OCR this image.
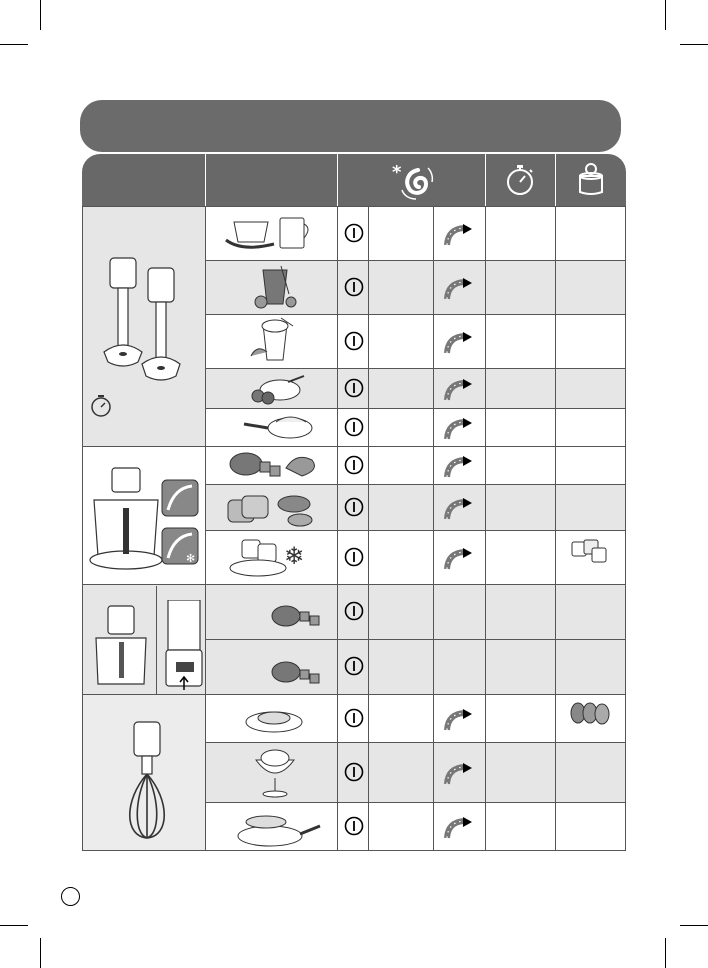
*
✻	❄
